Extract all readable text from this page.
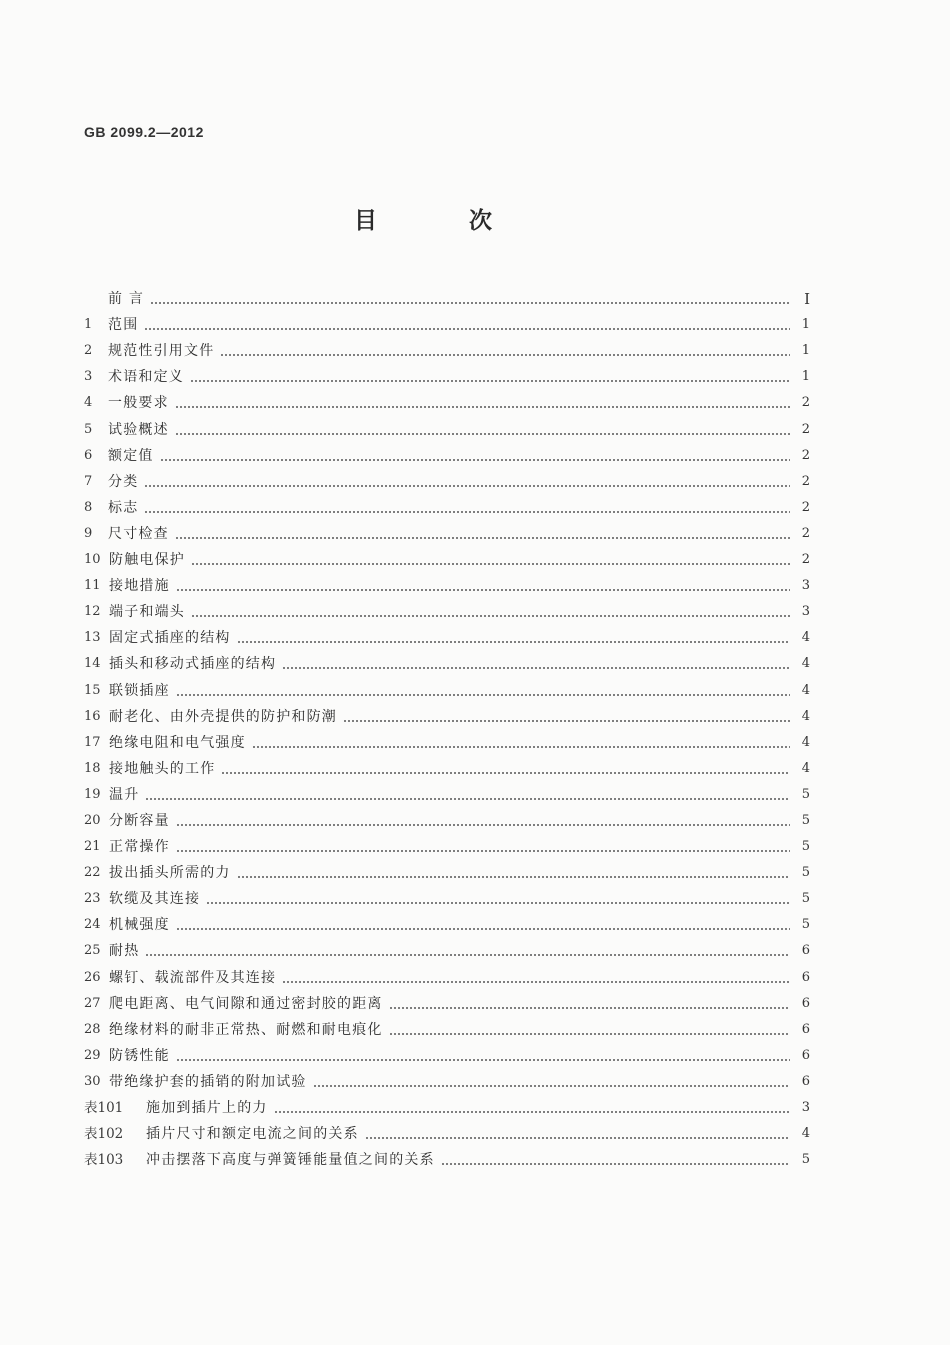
GB 2099.2—2012
目 次
前 言	I
1	范围	1
2	规范性引用文件	1
3	术语和定义	1
4	一般要求	2
5	试验概述	2
6	额定值	2
7	分类	2
8	标志	2
9	尺寸检查	2
10 防触电保护	2
11 接地措施	3
12 端子和端头	3
13 固定式插座的结构	4
14 插头和移动式插座的结构	4
15 联锁插座	4
16 耐老化、由外壳提供的防护和防潮	4
17 绝缘电阻和电气强度	4
18 接地触头的工作	4
19 温升	5
20 分断容量	5
21 正常操作	5
22 拔出插头所需的力	5
23 软缆及其连接	5
24 机械强度	5
25 耐热	6
26 螺钉、载流部件及其连接	6
27 爬电距离、电气间隙和通过密封胶的距离	6
28 绝缘材料的耐非正常热、耐燃和耐电痕化	6
29 防锈性能	6
30 带绝缘护套的插销的附加试验	6
表101	施加到插片上的力	3
表102	插片尺寸和额定电流之间的关系	4
表103	冲击摆落下高度与弹簧锤能量值之间的关系	5
